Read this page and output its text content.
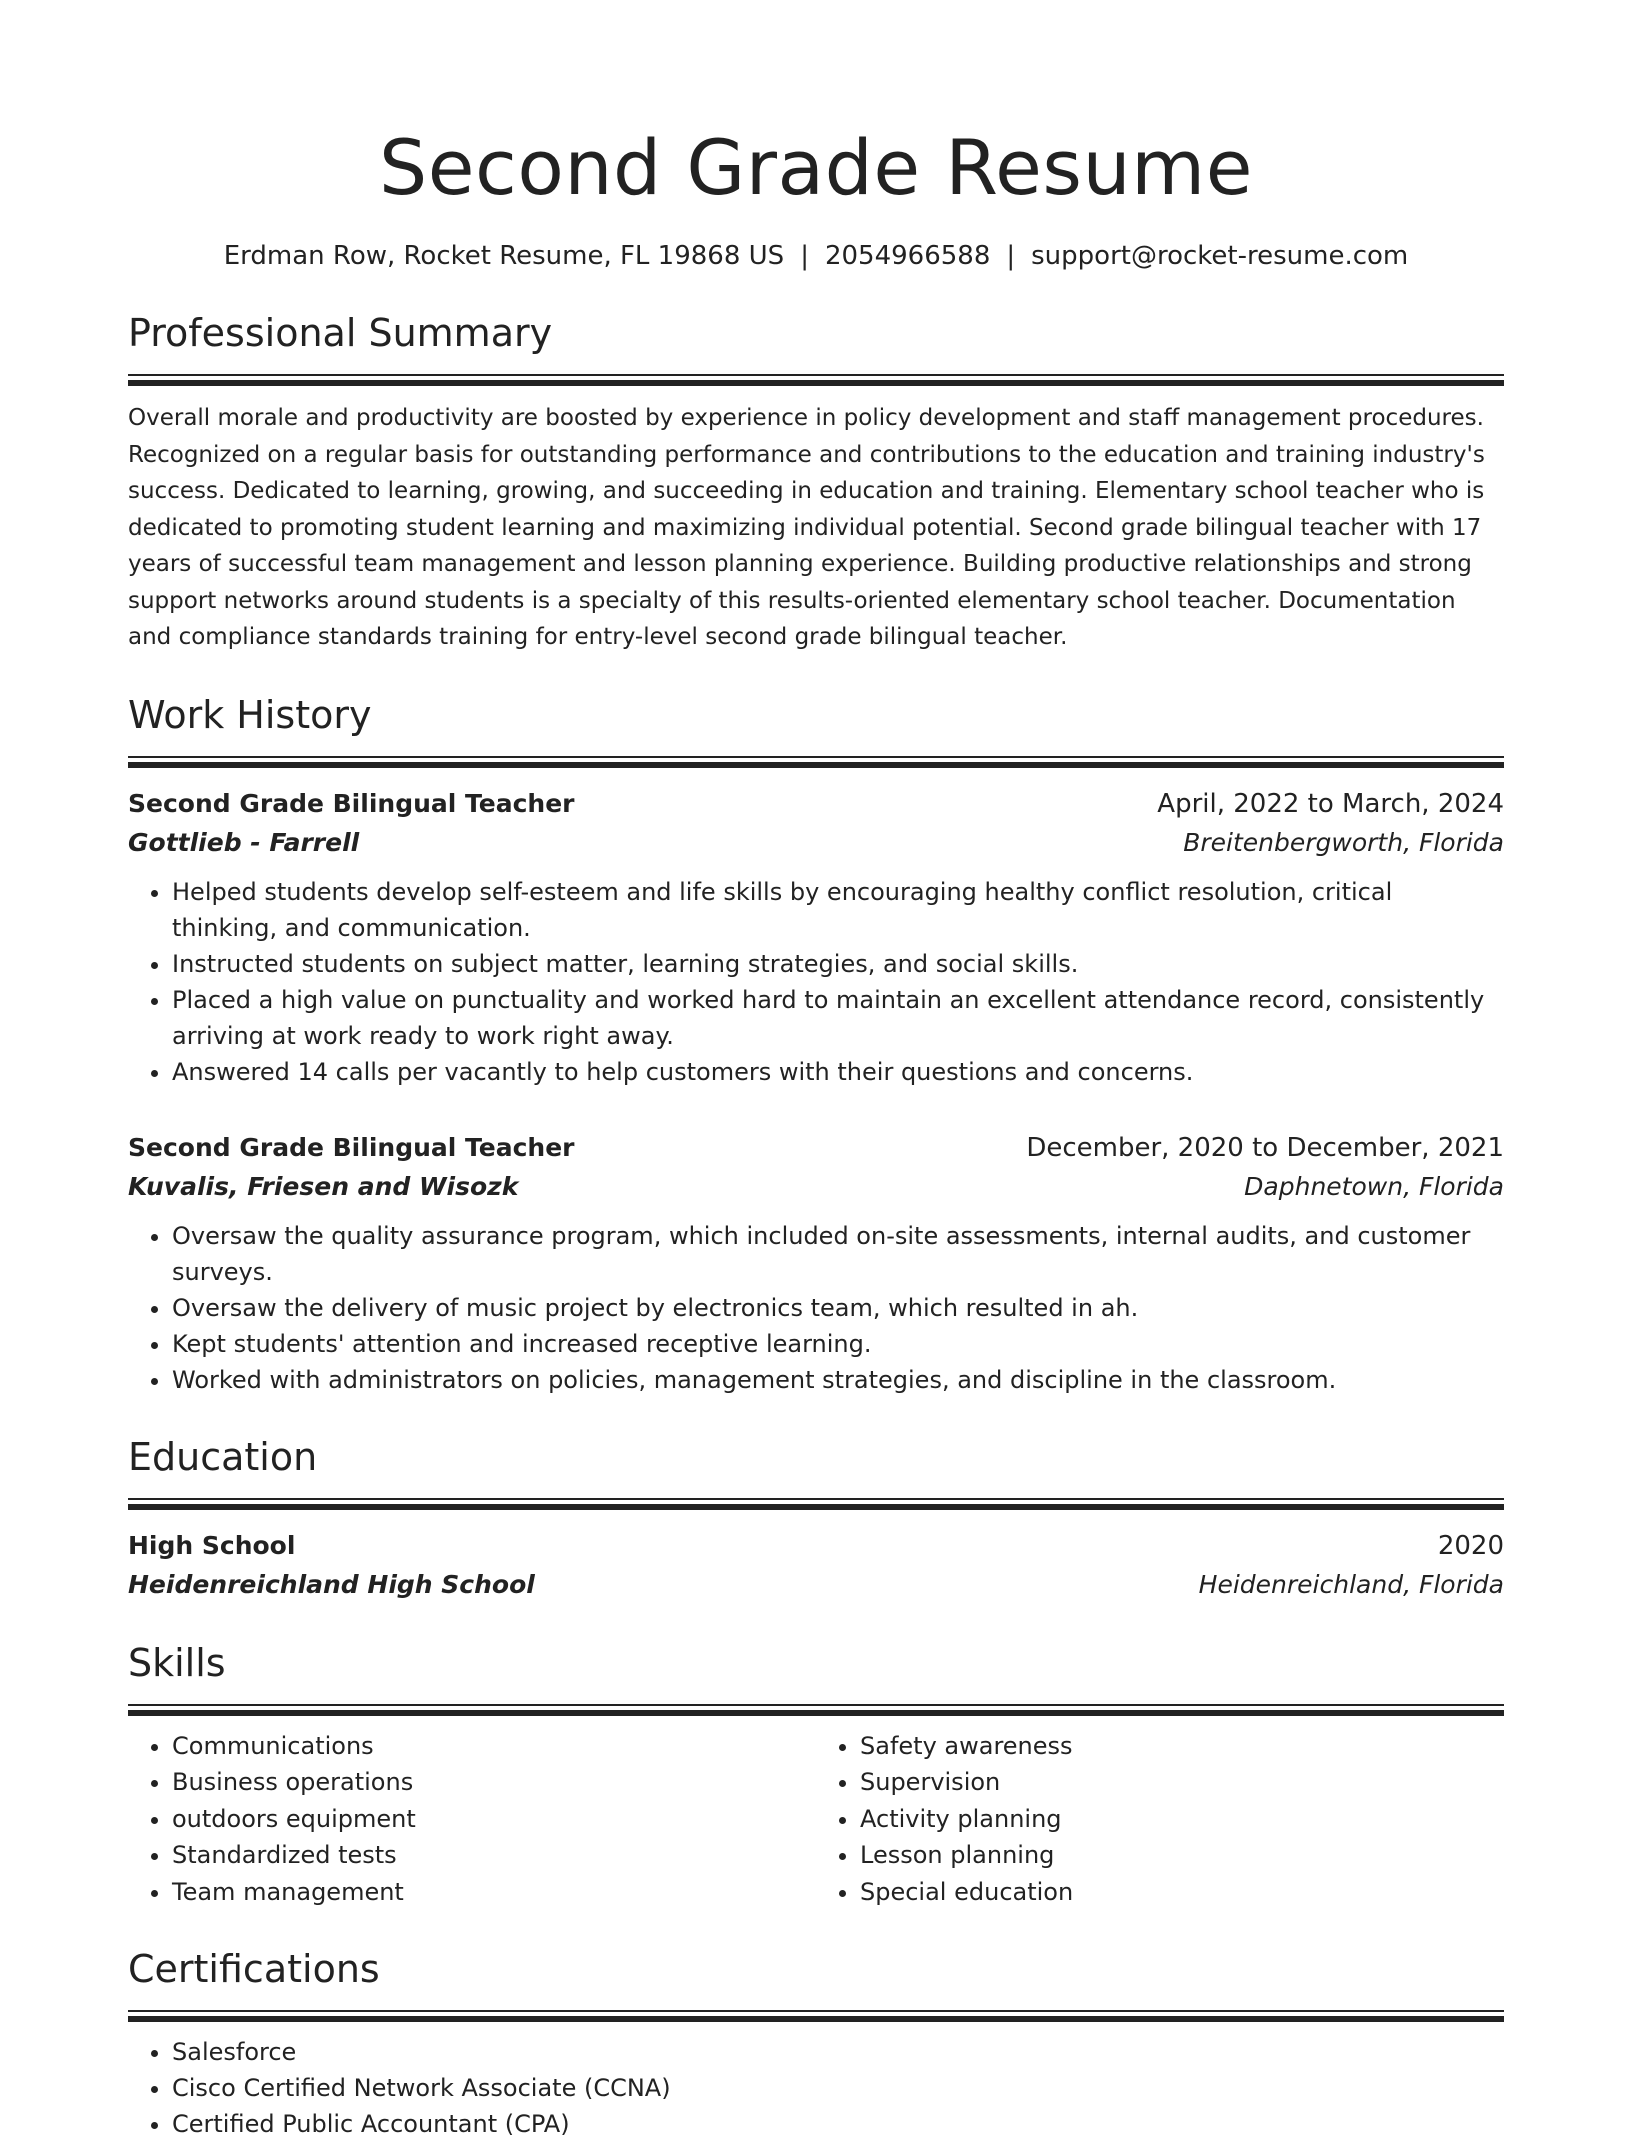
Second Grade Resume
Erdman Row, Rocket Resume, FL 19868 US | 2054966588 | support@rocket-resume.com
Professional Summary
Overall morale and productivity are boosted by experience in policy development and staff management procedures. Recognized on a regular basis for outstanding performance and contributions to the education and training industry's success. Dedicated to learning, growing, and succeeding in education and training. Elementary school teacher who is dedicated to promoting student learning and maximizing individual potential. Second grade bilingual teacher with 17 years of successful team management and lesson planning experience. Building productive relationships and strong support networks around students is a specialty of this results-oriented elementary school teacher. Documentation and compliance standards training for entry-level second grade bilingual teacher.
Work History
Second Grade Bilingual Teacher	April, 2022 to March, 2024
Gottlieb - Farrell	Breitenbergworth, Florida
• Helped students develop self-esteem and life skills by encouraging healthy conflict resolution, critical thinking, and communication.
• Instructed students on subject matter, learning strategies, and social skills.
• Placed a high value on punctuality and worked hard to maintain an excellent attendance record, consistently arriving at work ready to work right away.
• Answered 14 calls per vacantly to help customers with their questions and concerns.
Second Grade Bilingual Teacher	December, 2020 to December, 2021
Kuvalis, Friesen and Wisozk	Daphnetown, Florida
• Oversaw the quality assurance program, which included on-site assessments, internal audits, and customer surveys.
• Oversaw the delivery of music project by electronics team, which resulted in ah.
• Kept students' attention and increased receptive learning.
• Worked with administrators on policies, management strategies, and discipline in the classroom.
Education
High School	2020
Heidenreichland High School	Heidenreichland, Florida
Skills
• Communications
• Business operations
• outdoors equipment
• Standardized tests
• Team management
• Safety awareness
• Supervision
• Activity planning
• Lesson planning
• Special education
Certifications
• Salesforce
• Cisco Certified Network Associate (CCNA)
• Certified Public Accountant (CPA)
